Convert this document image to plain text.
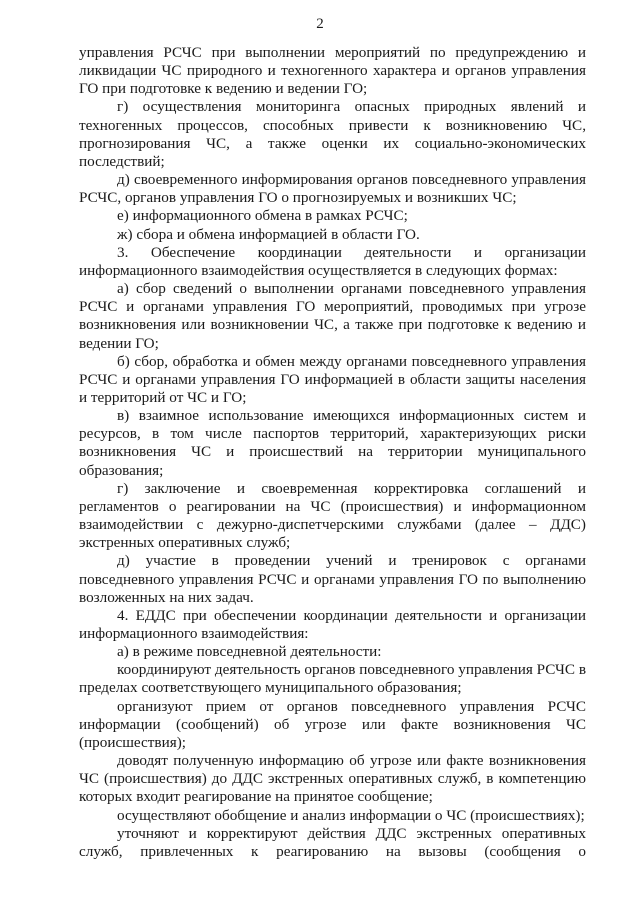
2

управления РСЧС при выполнении мероприятий по предупреждению и ликвидации ЧС природного и техногенного характера и органов управления ГО при подготовке к ведению и ведении ГО;

г) осуществления мониторинга опасных природных явлений и техногенных процессов, способных привести к возникновению ЧС, прогнозирования ЧС, а также оценки их социально-экономических последствий;

д) своевременного информирования органов повседневного управления РСЧС, органов управления ГО о прогнозируемых и возникших ЧС;

е) информационного обмена в рамках РСЧС;

ж) сбора и обмена информацией в области ГО.

3. Обеспечение координации деятельности и организации информационного взаимодействия осуществляется в следующих формах:

а) сбор сведений о выполнении органами повседневного управления РСЧС и органами управления ГО мероприятий, проводимых при угрозе возникновения или возникновении ЧС, а также при подготовке к ведению и ведении ГО;

б) сбор, обработка и обмен между органами повседневного управления РСЧС и органами управления ГО информацией в области защиты населения и территорий от ЧС и ГО;

в) взаимное использование имеющихся информационных систем и ресурсов, в том числе паспортов территорий, характеризующих риски возникновения ЧС и происшествий на территории муниципального образования;

г) заключение и своевременная корректировка соглашений и регламентов о реагировании на ЧС (происшествия) и информационном взаимодействии с дежурно-диспетчерскими службами (далее – ДДС) экстренных оперативных служб;

д) участие в проведении учений и тренировок с органами повседневного управления РСЧС и органами управления ГО по выполнению возложенных на них задач.

4. ЕДДС при обеспечении координации деятельности и организации информационного взаимодействия:

а) в режиме повседневной деятельности:

координируют деятельность органов повседневного управления РСЧС в пределах соответствующего муниципального образования;

организуют прием от органов повседневного управления РСЧС информации (сообщений) об угрозе или факте возникновения ЧС (происшествия);

доводят полученную информацию об угрозе или факте возникновения ЧС (происшествия) до ДДС экстренных оперативных служб, в компетенцию которых входит реагирование на принятое сообщение;

осуществляют обобщение и анализ информации о ЧС (происшествиях);

уточняют и корректируют действия ДДС экстренных оперативных служб, привлеченных к реагированию на вызовы (сообщения о
